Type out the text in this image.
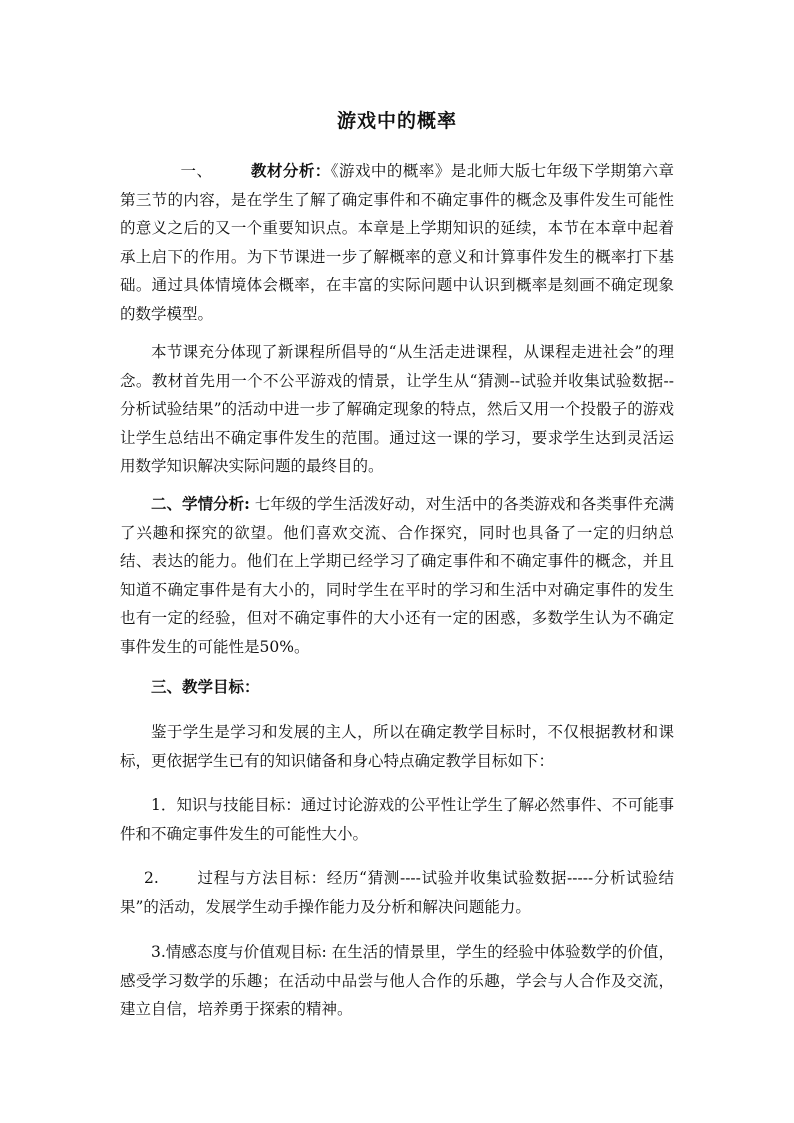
游戏中的概率

一、 教材分析：《游戏中的概率》是北师大版七年级下学期第六章第三节的内容，是在学生了解了确定事件和不确定事件的概念及事件发生可能性的意义之后的又一个重要知识点。本章是上学期知识的延续，本节在本章中起着承上启下的作用。为下节课进一步了解概率的意义和计算事件发生的概率打下基础。通过具体情境体会概率，在丰富的实际问题中认识到概率是刻画不确定现象的数学模型。

本节课充分体现了新课程所倡导的“从生活走进课程，从课程走进社会”的理念。教材首先用一个不公平游戏的情景，让学生从“猜测--试验并收集试验数据--分析试验结果”的活动中进一步了解确定现象的特点，然后又用一个投骰子的游戏让学生总结出不确定事件发生的范围。通过这一课的学习，要求学生达到灵活运用数学知识解决实际问题的最终目的。

二、学情分析: 七年级的学生活泼好动，对生活中的各类游戏和各类事件充满了兴趣和探究的欲望。他们喜欢交流、合作探究，同时也具备了一定的归纳总结、表达的能力。他们在上学期已经学习了确定事件和不确定事件的概念，并且知道不确定事件是有大小的，同时学生在平时的学习和生活中对确定事件的发生也有一定的经验，但对不确定事件的大小还有一定的困惑，多数学生认为不确定事件发生的可能性是50%。

三、教学目标：

鉴于学生是学习和发展的主人，所以在确定教学目标时，不仅根据教材和课标，更依据学生已有的知识储备和身心特点确定教学目标如下：

1．知识与技能目标：通过讨论游戏的公平性让学生了解必然事件、不可能事件和不确定事件发生的可能性大小。

2. 过程与方法目标：经历“猜测----试验并收集试验数据-----分析试验结果”的活动，发展学生动手操作能力及分析和解决问题能力。

3.情感态度与价值观目标: 在生活的情景里，学生的经验中体验数学的价值，感受学习数学的乐趣；在活动中品尝与他人合作的乐趣，学会与人合作及交流，建立自信，培养勇于探索的精神。
